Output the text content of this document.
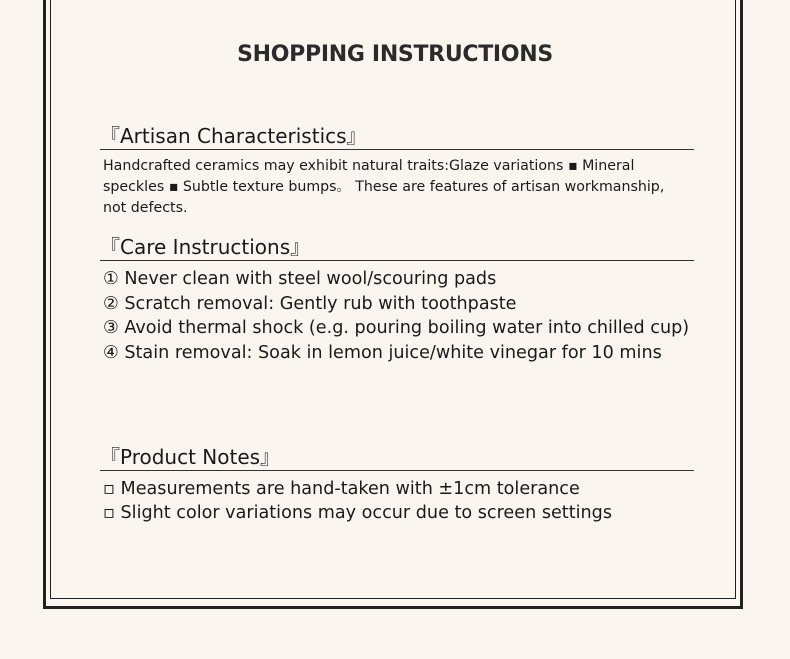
SHOPPING INSTRUCTIONS
『Artisan Characteristics』
Handcrafted ceramics may exhibit natural traits:Glaze variations ▪ Mineral
speckles ▪ Subtle texture bumps。 These are features of artisan workmanship,
not defects.
『Care Instructions』
① Never clean with steel wool/scouring pads
② Scratch removal: Gently rub with toothpaste
③ Avoid thermal shock (e.g. pouring boiling water into chilled cup)
④ Stain removal: Soak in lemon juice/white vinegar for 10 mins
『Product Notes』
▫ Measurements are hand-taken with ±1cm tolerance
▫ Slight color variations may occur due to screen settings
